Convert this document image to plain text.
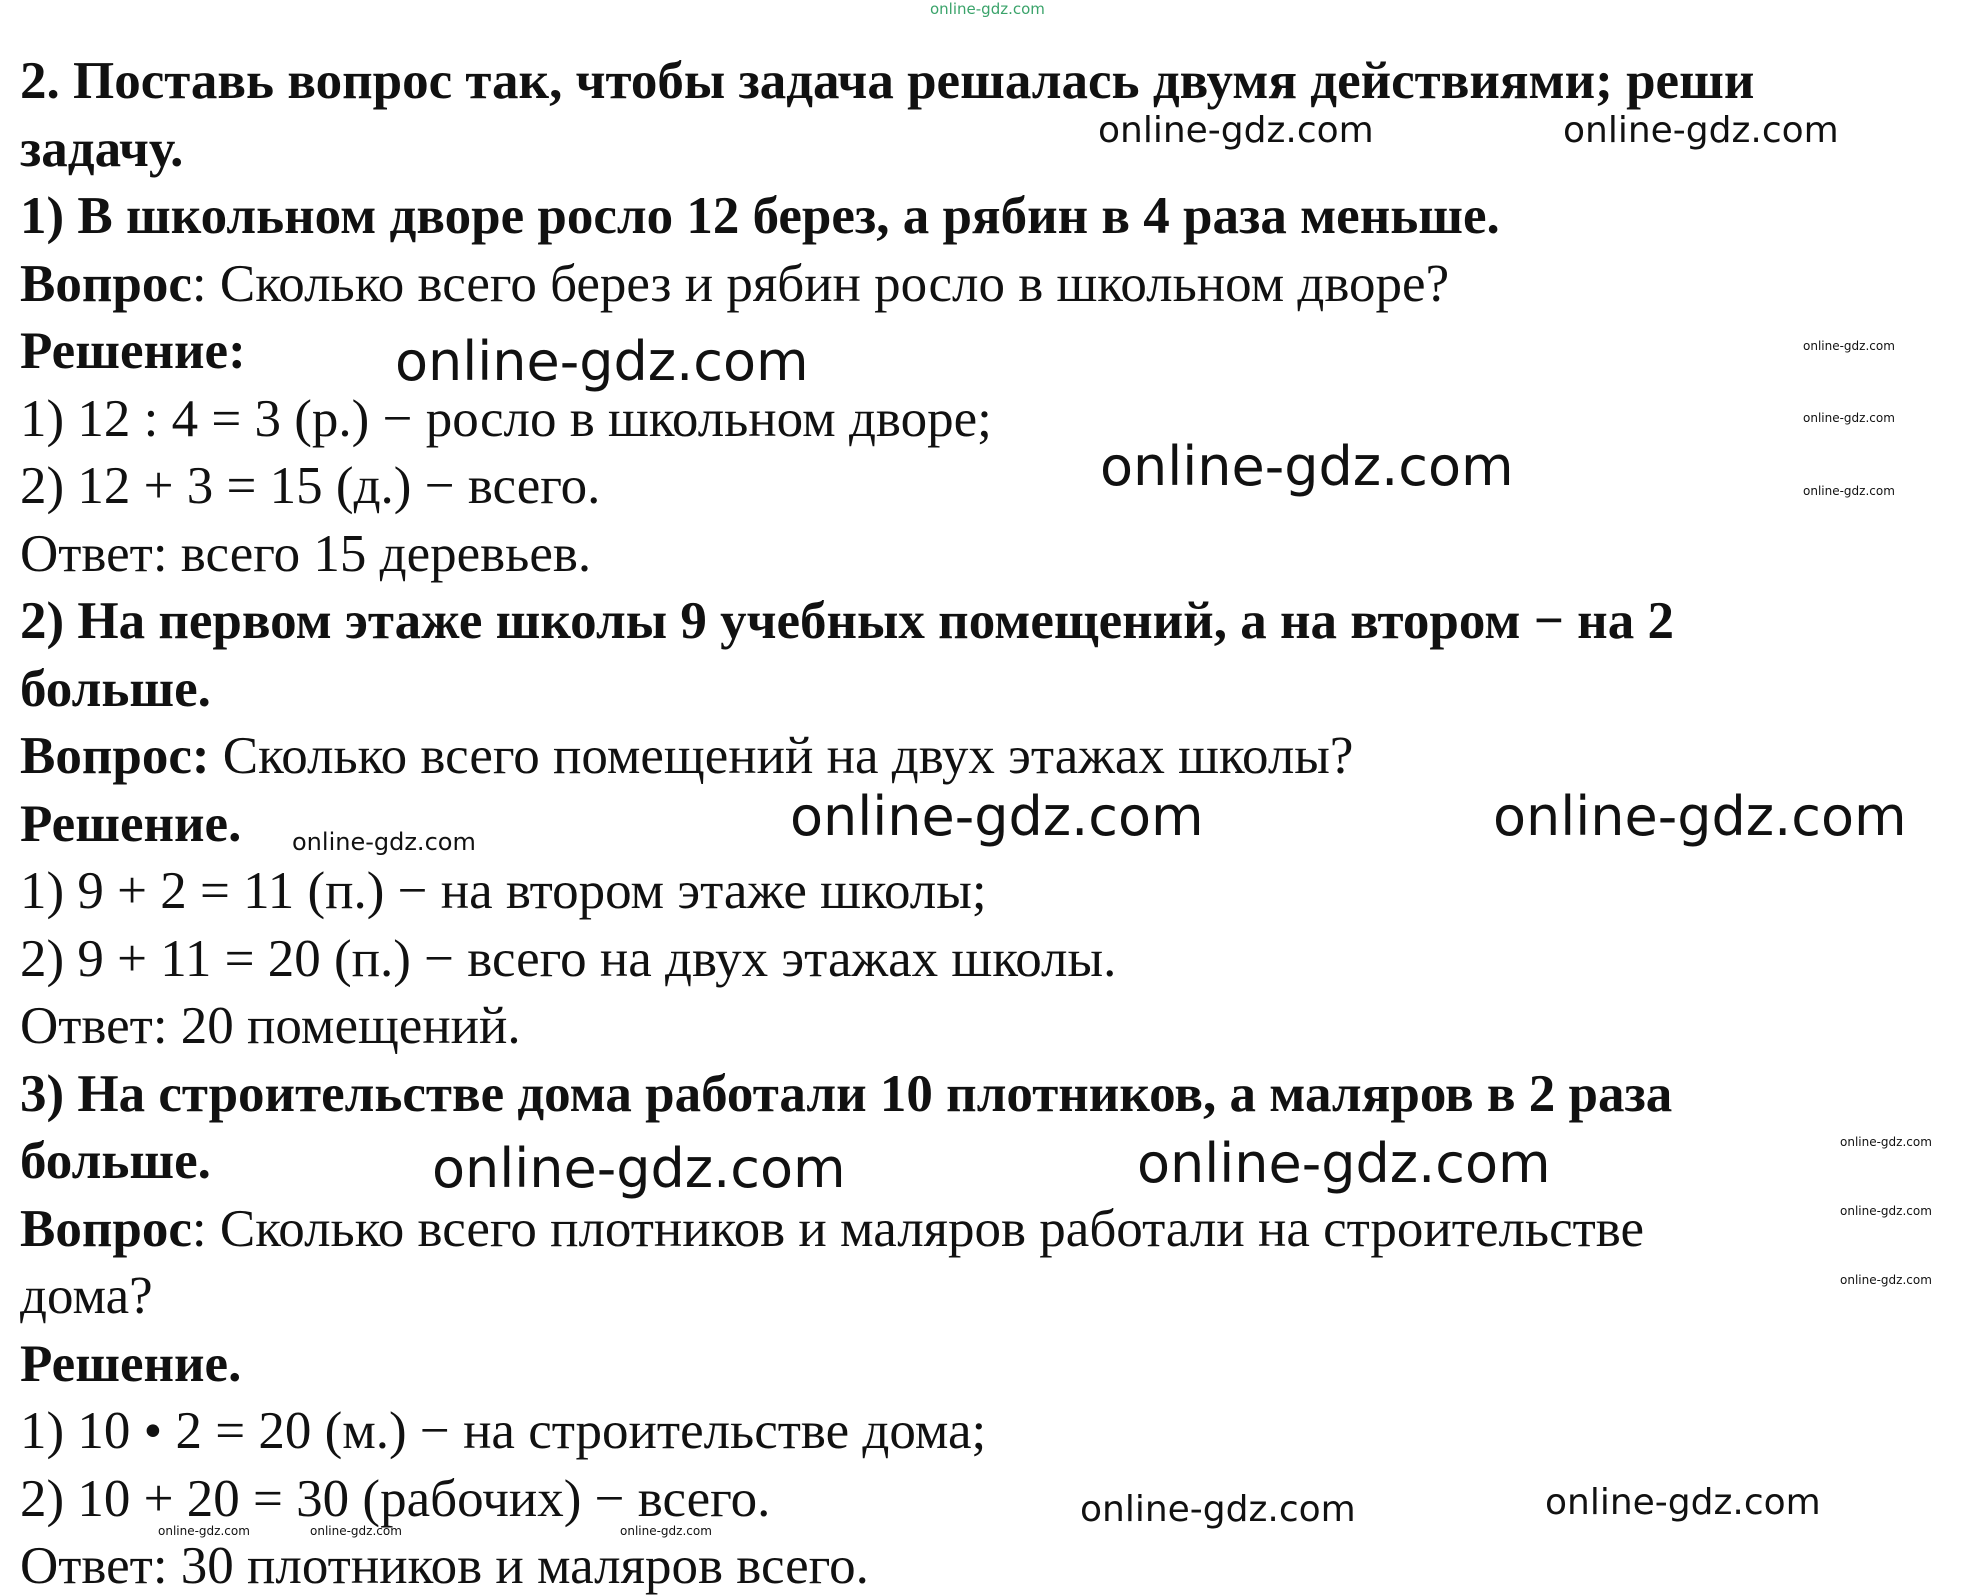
2. Поставь вопрос так, чтобы задача решалась двумя действиями; реши
задачу.
1) В школьном дворе росло 12 берез, а рябин в 4 раза меньше.
Вопрос: Сколько всего берез и рябин росло в школьном дворе?
Решение:
1) 12 : 4 = 3 (р.) − росло в школьном дворе;
2) 12 + 3 = 15 (д.) − всего.
Ответ: всего 15 деревьев.
2) На первом этаже школы 9 учебных помещений, а на втором − на 2
больше.
Вопрос: Сколько всего помещений на двух этажах школы?
Решение.
1) 9 + 2 = 11 (п.) − на втором этаже школы;
2) 9 + 11 = 20 (п.) − всего на двух этажах школы.
Ответ: 20 помещений.
3) На строительстве дома работали 10 плотников, а маляров в 2 раза
больше.
Вопрос: Сколько всего плотников и маляров работали на строительстве
дома?
Решение.
1) 10 • 2 = 20 (м.) − на строительстве дома;
2) 10 + 20 = 30 (рабочих) − всего.
Ответ: 30 плотников и маляров всего.
online-gdz.com
online-gdz.com	online-gdz.com
online-gdz.com	online-gdz.com
online-gdz.com
online-gdz.com	online-gdz.com
online-gdz.com	online-gdz.com
online-gdz.com
online-gdz.com	online-gdz.com	online-gdz.com
online-gdz.com
online-gdz.com
online-gdz.com	online-gdz.com
online-gdz.com	online-gdz.com	online-gdz.com
